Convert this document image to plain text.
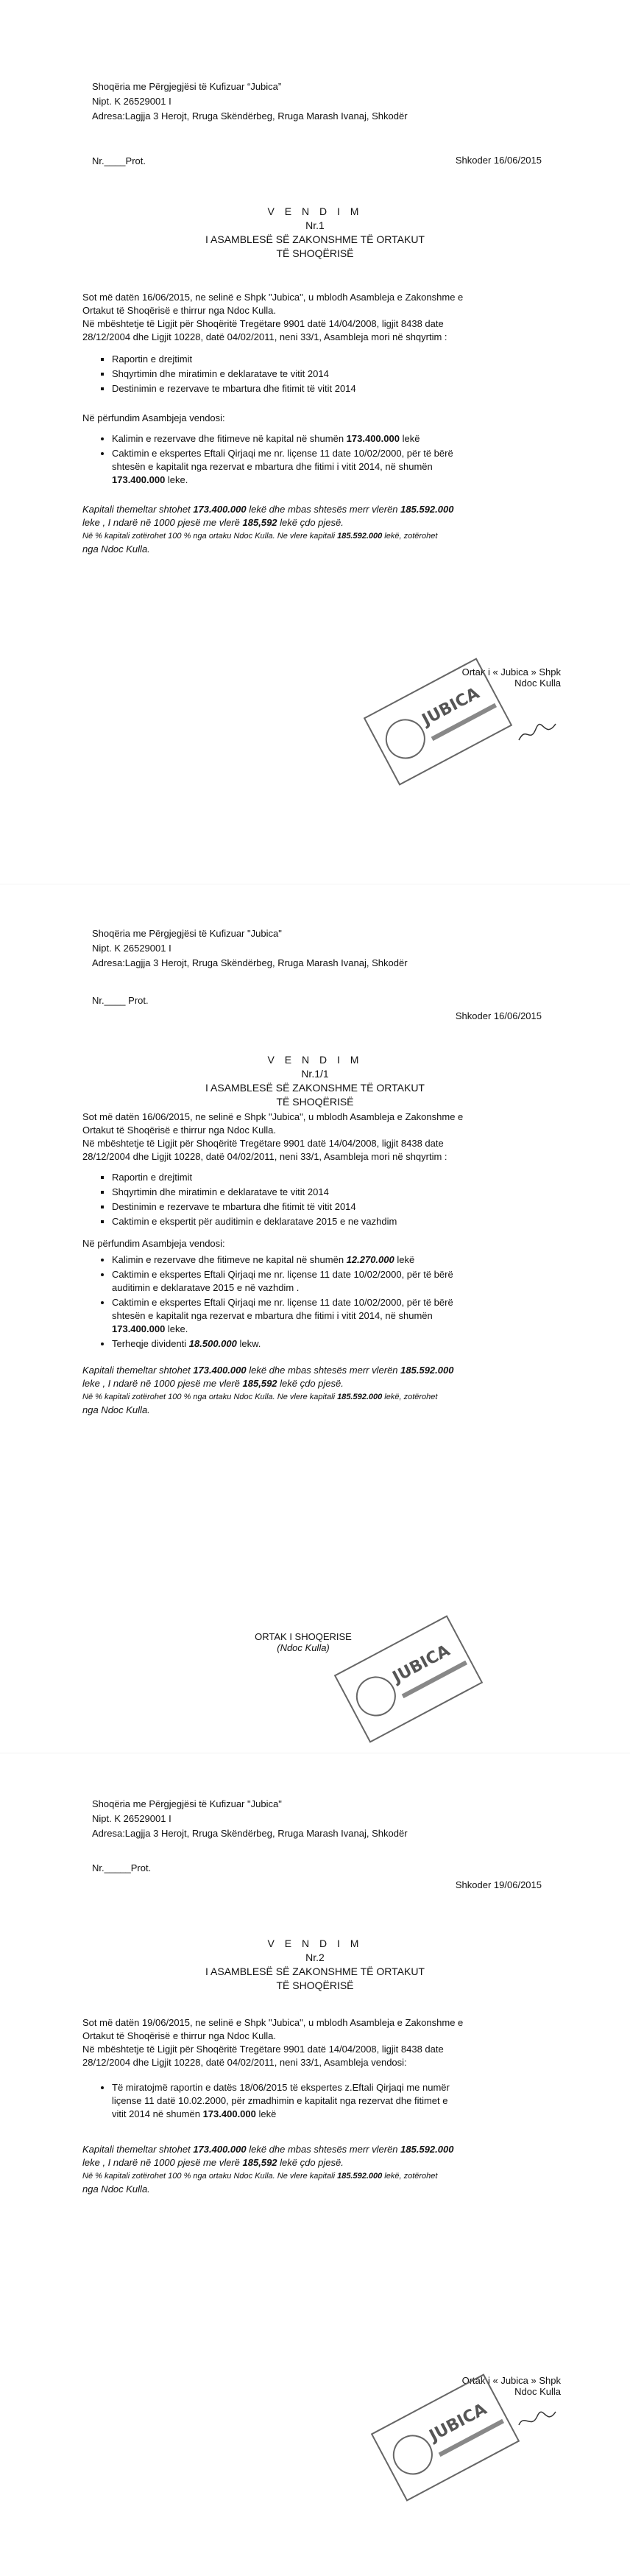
Shoqëria me Përgjegjësi të Kufizuar “Jubica”
Nipt. K 26529001 I
Adresa:Lagjja 3 Herojt, Rruga Skëndërbeg, Rruga Marash Ivanaj, Shkodër
Nr.____Prot.	Shkoder 16/06/2015
V E N D I M
Nr.1
I ASAMBLESË SË ZAKONSHME TË ORTAKUT
TË SHOQËRISË

Sot më datën 16/06/2015, ne selinë e Shpk "Jubica", u mblodh Asambleja e Zakonshme e

Ortakut të Shoqërisë e thirrur nga Ndoc Kulla.

Në mbështetje të Ligjit për Shoqëritë Tregëtare 9901 datë 14/04/2008, ligjit 8438 date

28/12/2004 dhe Ligjit 10228, datë 04/02/2011, neni 33/1, Asambleja mori në shqyrtim :

▪ Raportin e drejtimit
▪ Shqyrtimin dhe miratimin e deklaratave te vitit 2014
▪ Destinimin e rezervave te mbartura dhe fitimit të vitit 2014

Në përfundim Asambjeja vendosi:

• Kalimin e rezervave dhe fitimeve në kapital në shumën 173.400.000 lekë
• Caktimin e ekspertes Eftali Qirjaqi me nr. liçense 11 date 10/02/2000, për të bërë
shtesën e kapitalit nga rezervat e mbartura dhe fitimi i vitit 2014, në shumën
173.400.000 leke.

Kapitali themeltar shtohet 173.400.000 lekë dhe mbas shtesës merr vlerën 185.592.000

leke , I ndarë në 1000 pjesë me vlerë 185,592 lekë çdo pjesë.

Në % kapitali zotërohet 100 % nga ortaku Ndoc Kulla. Ne vlere kapitali 185.592.000 lekë, zotërohet

nga Ndoc Kulla.

Ortak i « Jubica » Shpk
Ndoc Kulla
JUBICA
Shoqëria me Përgjegjësi të Kufizuar "Jubica"
Nipt. K 26529001 I
Adresa:Lagjja 3 Herojt, Rruga Skëndërbeg, Rruga Marash Ivanaj, Shkodër
Nr.____ Prot.
Shkoder 16/06/2015
V E N D I M
Nr.1/1
I ASAMBLESË SË ZAKONSHME TË ORTAKUT
TË SHOQËRISË

Sot më datën 16/06/2015, ne selinë e Shpk "Jubica", u mblodh Asambleja e Zakonshme e

Ortakut të Shoqërisë e thirrur nga Ndoc Kulla.

Në mbështetje të Ligjit për Shoqëritë Tregëtare 9901 datë 14/04/2008, ligjit 8438 date

28/12/2004 dhe Ligjit 10228, datë 04/02/2011, neni 33/1, Asambleja mori në shqyrtim :

▪ Raportin e drejtimit
▪ Shqyrtimin dhe miratimin e deklaratave te vitit 2014
▪ Destinimin e rezervave te mbartura dhe fitimit të vitit 2014
▪ Caktimin e ekspertit për auditimin e deklaratave 2015 e ne vazhdim

Në përfundim Asambjeja vendosi:

• Kalimin e rezervave dhe fitimeve ne kapital në shumën 12.270.000 lekë
• Caktimin e ekspertes Eftali Qirjaqi me nr. liçense 11 date 10/02/2000, për të bërë
auditimin e deklaratave 2015 e në vazhdim .
• Caktimin e ekspertes Eftali Qirjaqi me nr. liçense 11 date 10/02/2000, për të bërë
shtesën e kapitalit nga rezervat e mbartura dhe fitimi i vitit 2014, në shumën
173.400.000 leke.
• Terheqje dividenti 18.500.000 lekw.

Kapitali themeltar shtohet 173.400.000 lekë dhe mbas shtesës merr vlerën 185.592.000

leke , I ndarë në 1000 pjesë me vlerë 185,592 lekë çdo pjesë.

Në % kapitali zotërohet 100 % nga ortaku Ndoc Kulla. Ne vlere kapitali 185.592.000 lekë, zotërohet

nga Ndoc Kulla.

ORTAK I SHOQERISE
(Ndoc Kulla)	JUBICA
Shoqëria me Përgjegjësi të Kufizuar "Jubica"
Nipt. K 26529001 I
Adresa:Lagjja 3 Herojt, Rruga Skëndërbeg, Rruga Marash Ivanaj, Shkodër
Nr._____Prot.
Shkoder 19/06/2015
V E N D I M
Nr.2
I ASAMBLESË SË ZAKONSHME TË ORTAKUT
TË SHOQËRISË

Sot më datën 19/06/2015, ne selinë e Shpk "Jubica", u mblodh Asambleja e Zakonshme e

Ortakut të Shoqërisë e thirrur nga Ndoc Kulla.

Në mbështetje të Ligjit për Shoqëritë Tregëtare 9901 datë 14/04/2008, ligjit 8438 date

28/12/2004 dhe Ligjit 10228, datë 04/02/2011, neni 33/1, Asambleja vendosi:

• Të miratojmë raportin e datës 18/06/2015 të ekspertes z.Eftali Qirjaqi me numër
liçense 11 datë 10.02.2000, për zmadhimin e kapitalit nga rezervat dhe fitimet e
vitit 2014 në shumën 173.400.000 lekë

Kapitali themeltar shtohet 173.400.000 lekë dhe mbas shtesës merr vlerën 185.592.000

leke , I ndarë në 1000 pjesë me vlerë 185,592 lekë çdo pjesë.

Në % kapitali zotërohet 100 % nga ortaku Ndoc Kulla. Ne vlere kapitali 185.592.000 lekë, zotërohet

nga Ndoc Kulla.

Ortak i « Jubica » Shpk
Ndoc Kulla
JUBICA
